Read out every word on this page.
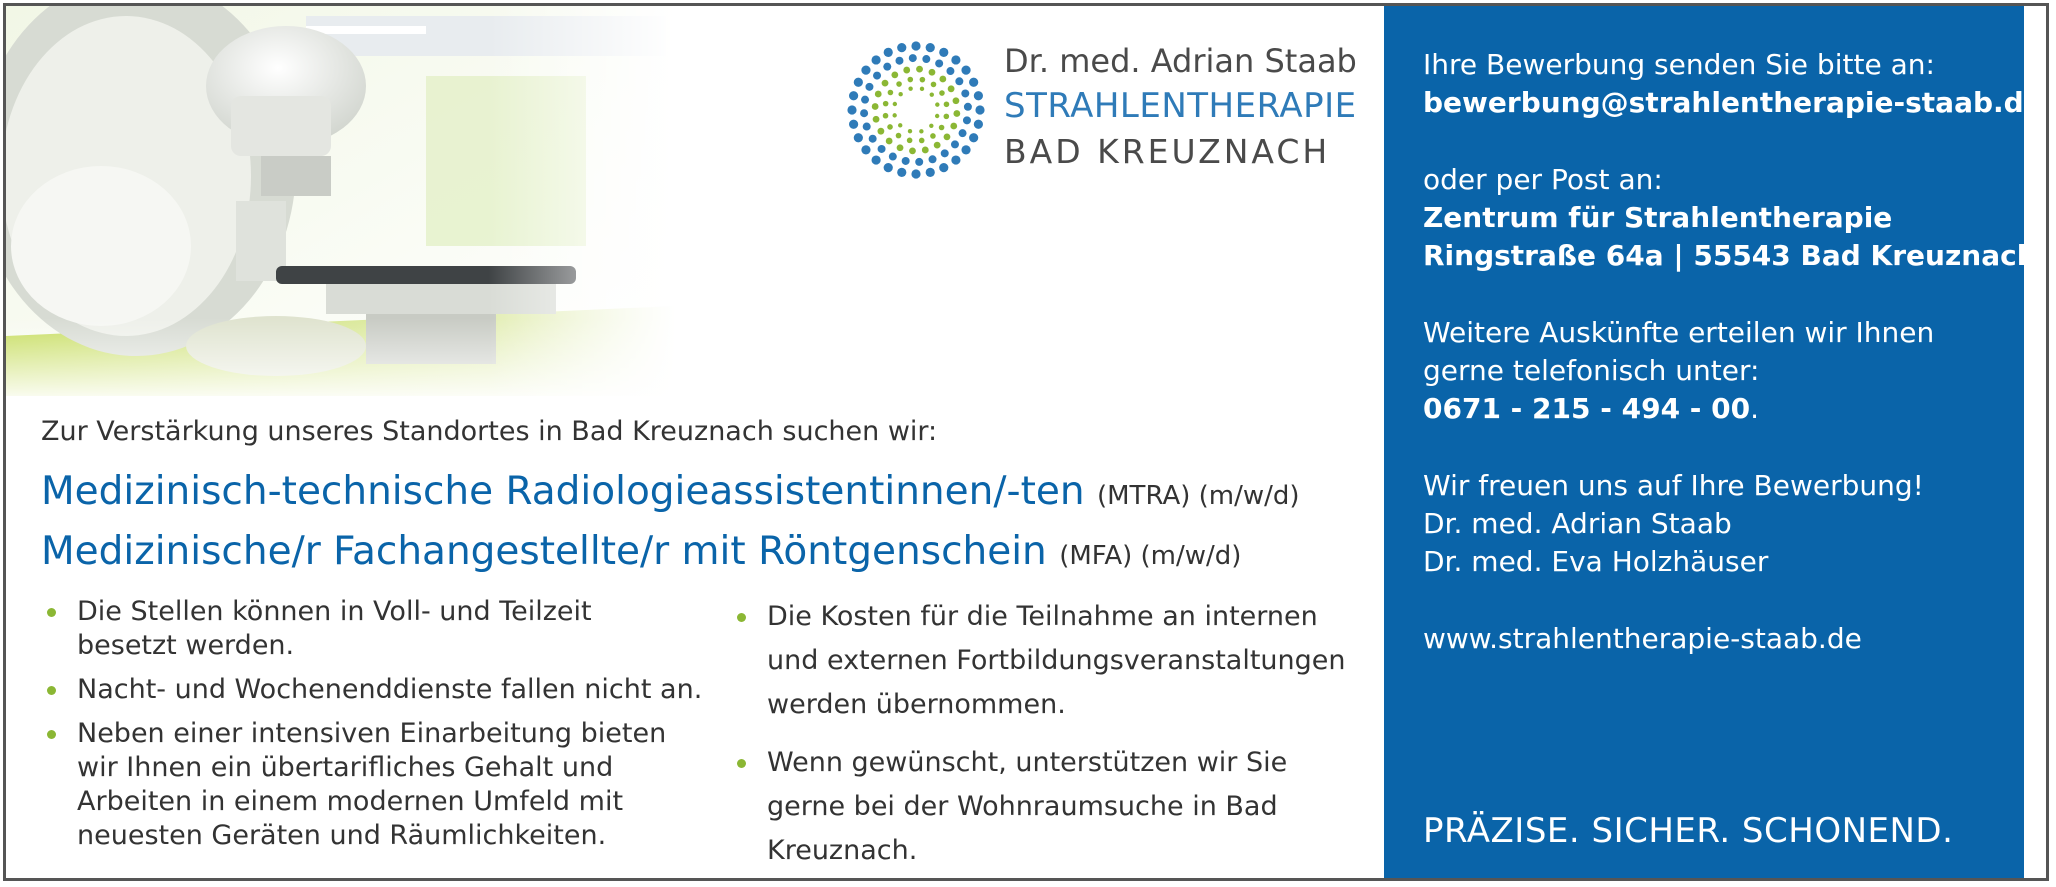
Dr. med. Adrian Staab
STRAHLENTHERAPIE
BAD KREUZNACH
Zur Verstärkung unseres Standortes in Bad Kreuznach suchen wir:
Medizinisch-technische Radiologieassistentinnen/-ten (MTRA) (m/w/d)
Medizinische/r Fachangestellte/r mit Röntgenschein (MFA) (m/w/d)
Die Stellen können in Voll- und Teilzeit besetzt werden.
Nacht- und Wochenenddienste fallen nicht an.
Neben einer intensiven Einarbeitung bieten wir Ihnen ein übertarifliches Gehalt und Arbeiten in einem modernen Umfeld mit neuesten Geräten und Räumlichkeiten.
Die Kosten für die Teilnahme an internen und externen Fortbildungsveranstaltungen werden übernommen.
Wenn gewünscht, unterstützen wir Sie gerne bei der Wohnraumsuche in Bad Kreuznach.

Ihre Bewerbung senden Sie bitte an:

bewerbung@strahlentherapie-staab.de

oder per Post an:

Zentrum für Strahlentherapie

Ringstraße 64a | 55543 Bad Kreuznach

Weitere Auskünfte erteilen wir Ihnen

gerne telefonisch unter:

0671 - 215 - 494 - 00.

Wir freuen uns auf Ihre Bewerbung!

Dr. med. Adrian Staab

Dr. med. Eva Holzhäuser

www.strahlentherapie-staab.de

PRÄZISE. SICHER. SCHONEND.
